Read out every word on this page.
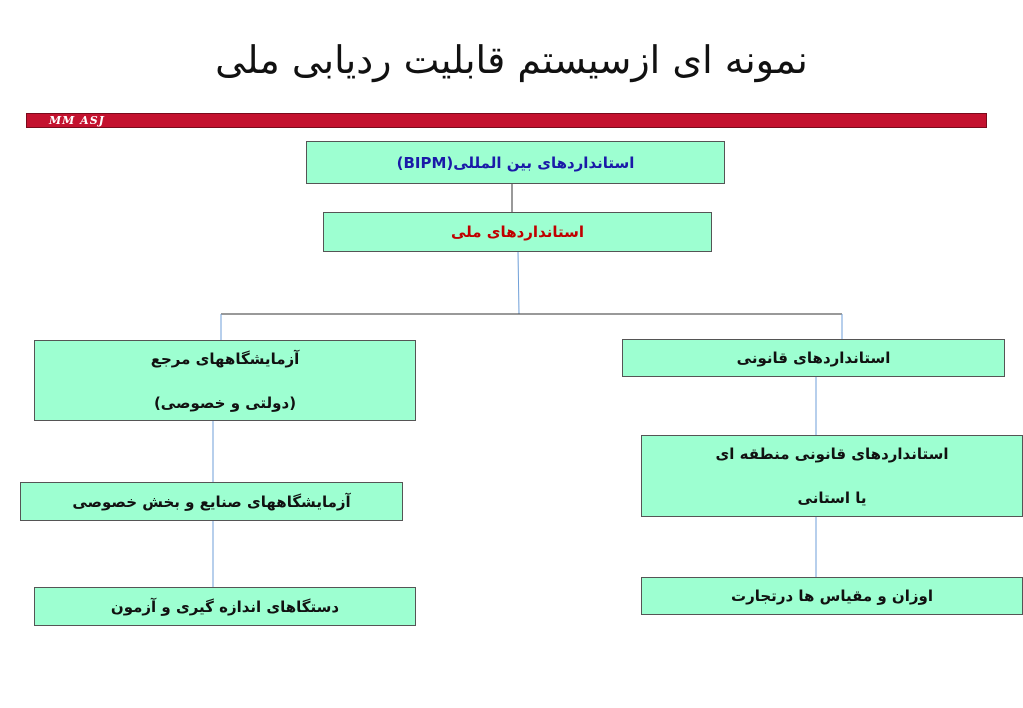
نمونه ای ازسیستم قابلیت ردیابی ملی
MM ASJ
استانداردهای بین المللی(BIPM)
استانداردهای ملی
آزمایشگاههای مرجع
(دولتی و خصوصی)
آزمایشگاههای صنایع و بخش خصوصی
دستگاهای اندازه گیری و آزمون
استانداردهای قانونی
استانداردهای قانونی منطقه ای
یا استانی
اوزان و مقیاس ها درتجارت
